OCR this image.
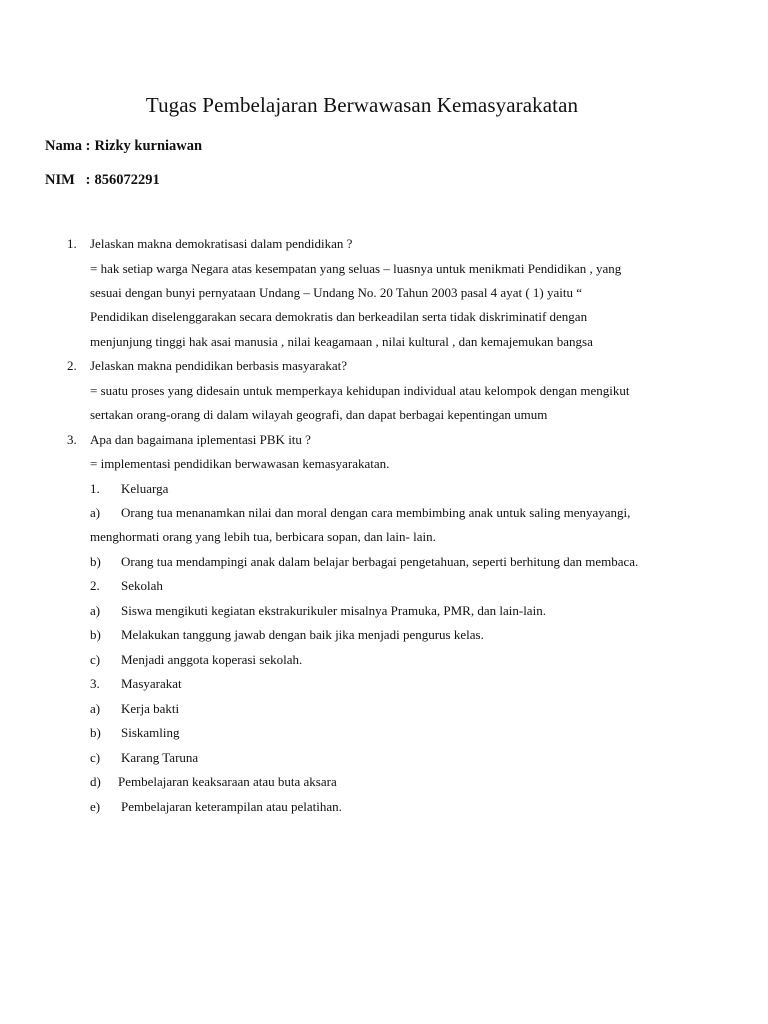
Tugas Pembelajaran Berwawasan Kemasyarakatan
Nama : Rizky kurniawan
NIM   : 856072291
1. Jelaskan makna demokratisasi dalam pendidikan ?
= hak setiap warga Negara atas kesempatan yang seluas – luasnya untuk menikmati Pendidikan , yang
sesuai dengan bunyi pernyataan Undang – Undang No. 20 Tahun 2003 pasal 4 ayat ( 1) yaitu “
Pendidikan diselenggarakan secara demokratis dan berkeadilan serta tidak diskriminatif dengan
menjunjung tinggi hak asai manusia , nilai keagamaan , nilai kultural , dan kemajemukan bangsa
2. Jelaskan makna pendidikan berbasis masyarakat?
= suatu proses yang didesain untuk memperkaya kehidupan individual atau kelompok dengan mengikut
sertakan orang-orang di dalam wilayah geografi, dan dapat berbagai kepentingan umum
3. Apa dan bagaimana iplementasi PBK itu ?
= implementasi pendidikan berwawasan kemasyarakatan.
1. Keluarga
a) Orang tua menanamkan nilai dan moral dengan cara membimbing anak untuk saling menyayangi,
menghormati orang yang lebih tua, berbicara sopan, dan lain- lain.
b) Orang tua mendampingi anak dalam belajar berbagai pengetahuan, seperti berhitung dan membaca.
2. Sekolah
a) Siswa mengikuti kegiatan ekstrakurikuler misalnya Pramuka, PMR, dan lain-lain.
b) Melakukan tanggung jawab dengan baik jika menjadi pengurus kelas.
c) Menjadi anggota koperasi sekolah.
3. Masyarakat
a) Kerja bakti
b) Siskamling
c) Karang Taruna
d) Pembelajaran keaksaraan atau buta aksara
e) Pembelajaran keterampilan atau pelatihan.
